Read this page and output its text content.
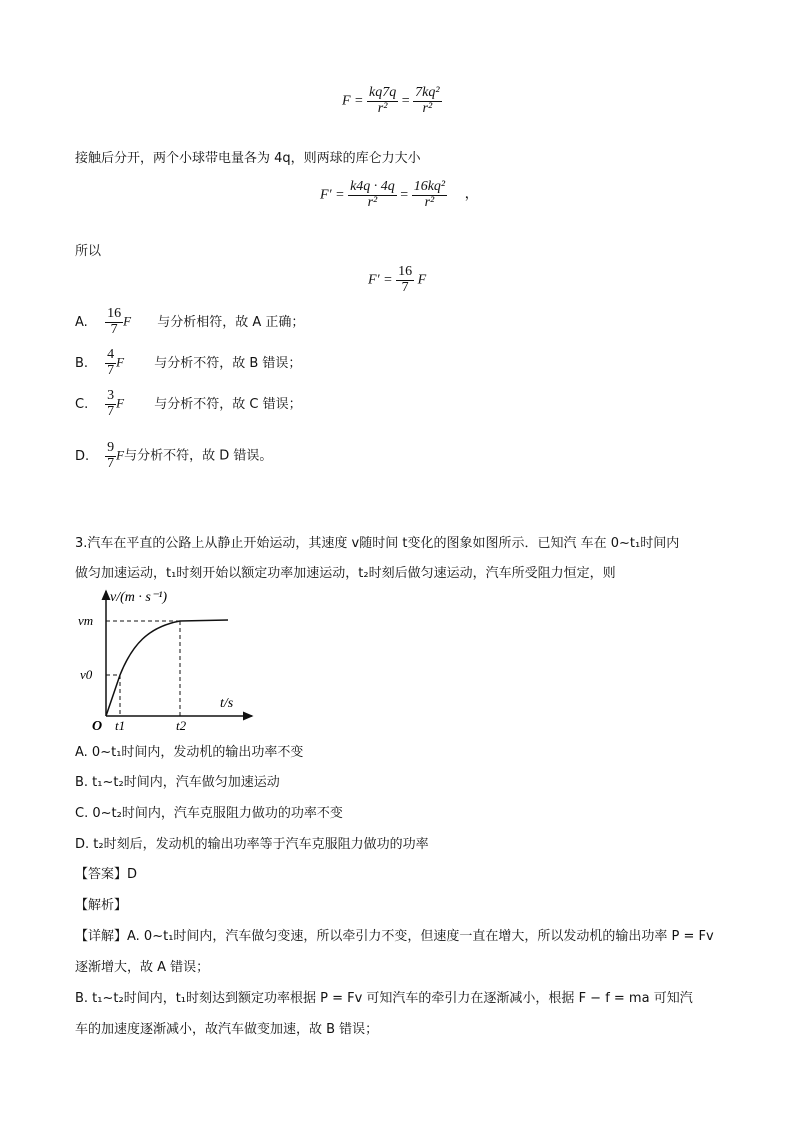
$F = \frac{kq7q}{\text{r²}} = \frac{\text{7kq²}}{\text{r²}}$
接触后分开，两个小球带电量各为 4q，则两球的库仑力大小
$F' = \frac{k4q \cdot 4q}{\text{r²}} = \frac{\text{16kq²}}{\text{r²}}$ ，
所以
$F' = \frac{16}{7}$ F
A. $\frac{16}{7}$ F 与分析相符，故 A 正确；
B. $\frac{4}{7}$ F 与分析不符，故 B 错误；
C. $\frac{3}{7}$ F 与分析不符，故 C 错误；
D. $\frac{9}{7}$ F与分析不符，故 D 错误。
3.汽车在平直的公路上从静止开始运动，其速度 v随时间 t变化的图象如图所示．已知汽 车在 0~t₁时间内
做匀加速运动，t₁时刻开始以额定功率加速运动，t₂时刻后做匀速运动，汽车所受阻力恒定，则
v/(m · s⁻¹)
t/s
O
vm
v0
t1	t2
A. 0~t₁时间内，发动机的输出功率不变
B. t₁~t₂时间内，汽车做匀加速运动
C. 0~t₂时间内，汽车克服阻力做功的功率不变
D. t₂时刻后，发动机的输出功率等于汽车克服阻力做功的功率
【答案】D
【解析】
【详解】A. 0~t₁时间内，汽车做匀变速，所以牵引力不变，但速度一直在增大，所以发动机的输出功率 P = Fv
逐渐增大，故 A 错误；
B. t₁~t₂时间内，t₁时刻达到额定功率根据 P = Fv 可知汽车的牵引力在逐渐减小，根据 F − f = ma 可知汽
车的加速度逐渐减小，故汽车做变加速，故 B 错误；
